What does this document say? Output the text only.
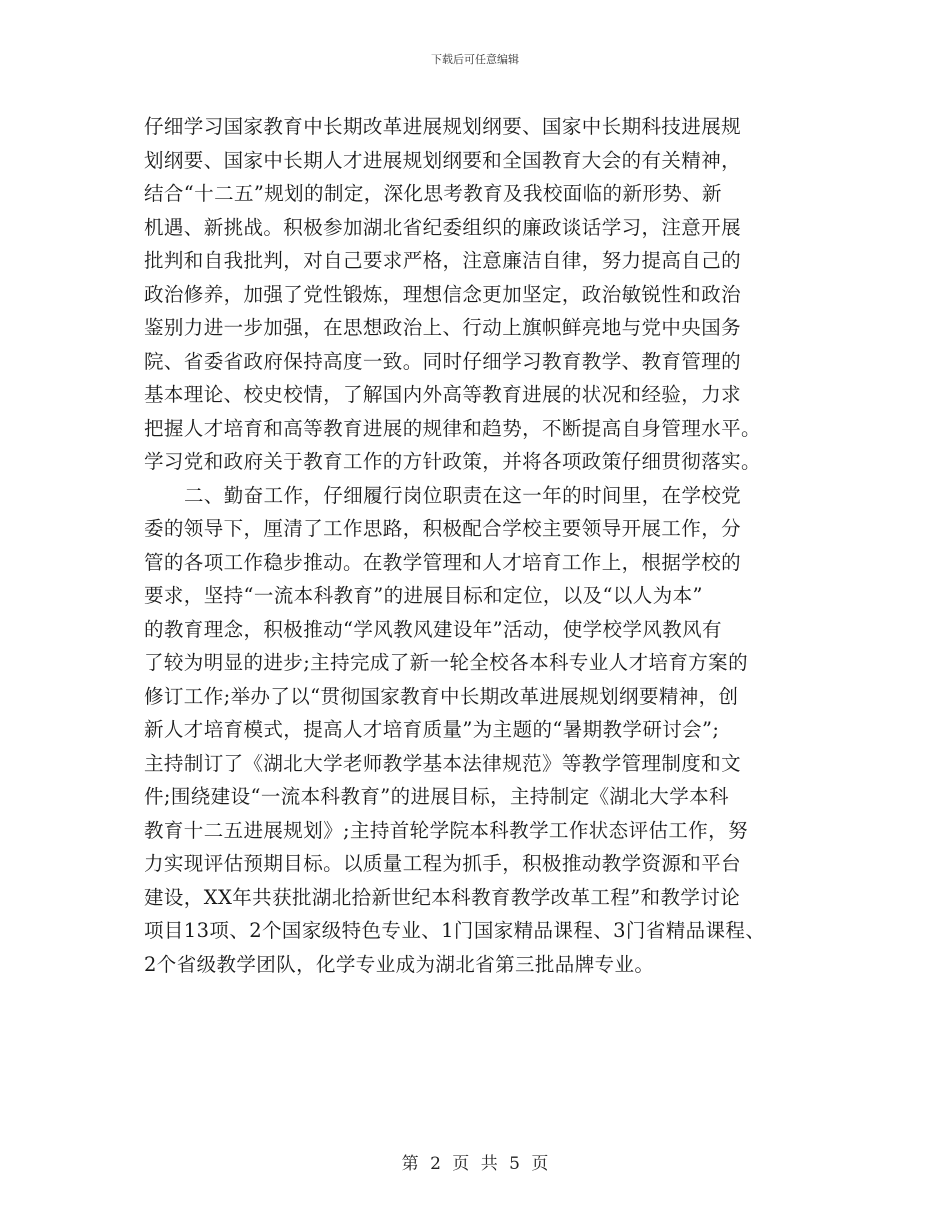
下载后可任意编辑
仔细学习国家教育中长期改革进展规划纲要、国家中长期科技进展规
划纲要、国家中长期人才进展规划纲要和全国教育大会的有关精神，
结合“十二五”规划的制定，深化思考教育及我校面临的新形势、新
机遇、新挑战。积极参加湖北省纪委组织的廉政谈话学习，注意开展
批判和自我批判，对自己要求严格，注意廉洁自律，努力提高自己的
政治修养，加强了党性锻炼，理想信念更加坚定，政治敏锐性和政治
鉴别力进一步加强，在思想政治上、行动上旗帜鲜亮地与党中央国务
院、省委省政府保持高度一致。同时仔细学习教育教学、教育管理的
基本理论、校史校情，了解国内外高等教育进展的状况和经验，力求
把握人才培育和高等教育进展的规律和趋势，不断提高自身管理水平。
学习党和政府关于教育工作的方针政策，并将各项政策仔细贯彻落实。
二、勤奋工作，仔细履行岗位职责在这一年的时间里，在学校党
委的领导下，厘清了工作思路，积极配合学校主要领导开展工作，分
管的各项工作稳步推动。在教学管理和人才培育工作上，根据学校的
要求，坚持“一流本科教育”的进展目标和定位，以及“以人为本”
的教育理念，积极推动“学风教风建设年”活动，使学校学风教风有
了较为明显的进步;主持完成了新一轮全校各本科专业人才培育方案的
修订工作;举办了以“贯彻国家教育中长期改革进展规划纲要精神，创
新人才培育模式，提高人才培育质量”为主题的“暑期教学研讨会”;
主持制订了《湖北大学老师教学基本法律规范》等教学管理制度和文
件;围绕建设“一流本科教育”的进展目标，主持制定《湖北大学本科
教育十二五进展规划》;主持首轮学院本科教学工作状态评估工作，努
力实现评估预期目标。以质量工程为抓手，积极推动教学资源和平台
建设，XX年共获批湖北拾新世纪本科教育教学改革工程”和教学讨论
项目13项、2个国家级特色专业、1门国家精品课程、3门省精品课程、
2个省级教学团队，化学专业成为湖北省第三批品牌专业。
第 2 页 共 5 页
